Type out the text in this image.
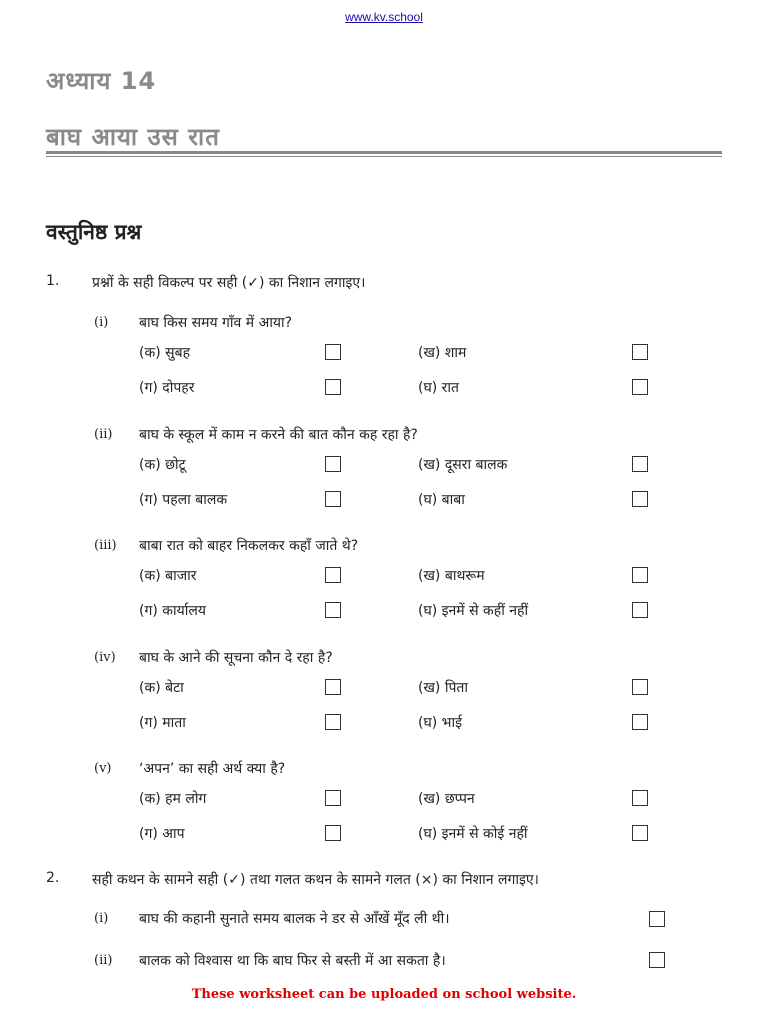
www.kv.school
अध्याय 14
बाघ आया उस रात
वस्तुनिष्ठ प्रश्न
1. प्रश्नों के सही विकल्प पर सही (✓) का निशान लगाइए।
(i) बाघ किस समय गाँव में आया?
(क) सुबह	(ख) शाम
(ग) दोपहर	(घ) रात
(ii) बाघ के स्कूल में काम न करने की बात कौन कह रहा है?
(क) छोटू	(ख) दूसरा बालक
(ग) पहला बालक	(घ) बाबा
(iii) बाबा रात को बाहर निकलकर कहाँ जाते थे?
(क) बाजार	(ख) बाथरूम
(ग) कार्यालय	(घ) इनमें से कहीं नहीं
(iv) बाघ के आने की सूचना कौन दे रहा है?
(क) बेटा	(ख) पिता
(ग) माता	(घ) भाई
(v) ‘अपन’ का सही अर्थ क्या है?
(क) हम लोग	(ख) छप्पन
(ग) आप	(घ) इनमें से कोई नहीं
2. सही कथन के सामने सही (✓) तथा गलत कथन के सामने गलत (×) का निशान लगाइए।
(i) बाघ की कहानी सुनाते समय बालक ने डर से आँखें मूँद ली थी।
(ii) बालक को विश्वास था कि बाघ फिर से बस्ती में आ सकता है।
These worksheet can be uploaded on school website.
